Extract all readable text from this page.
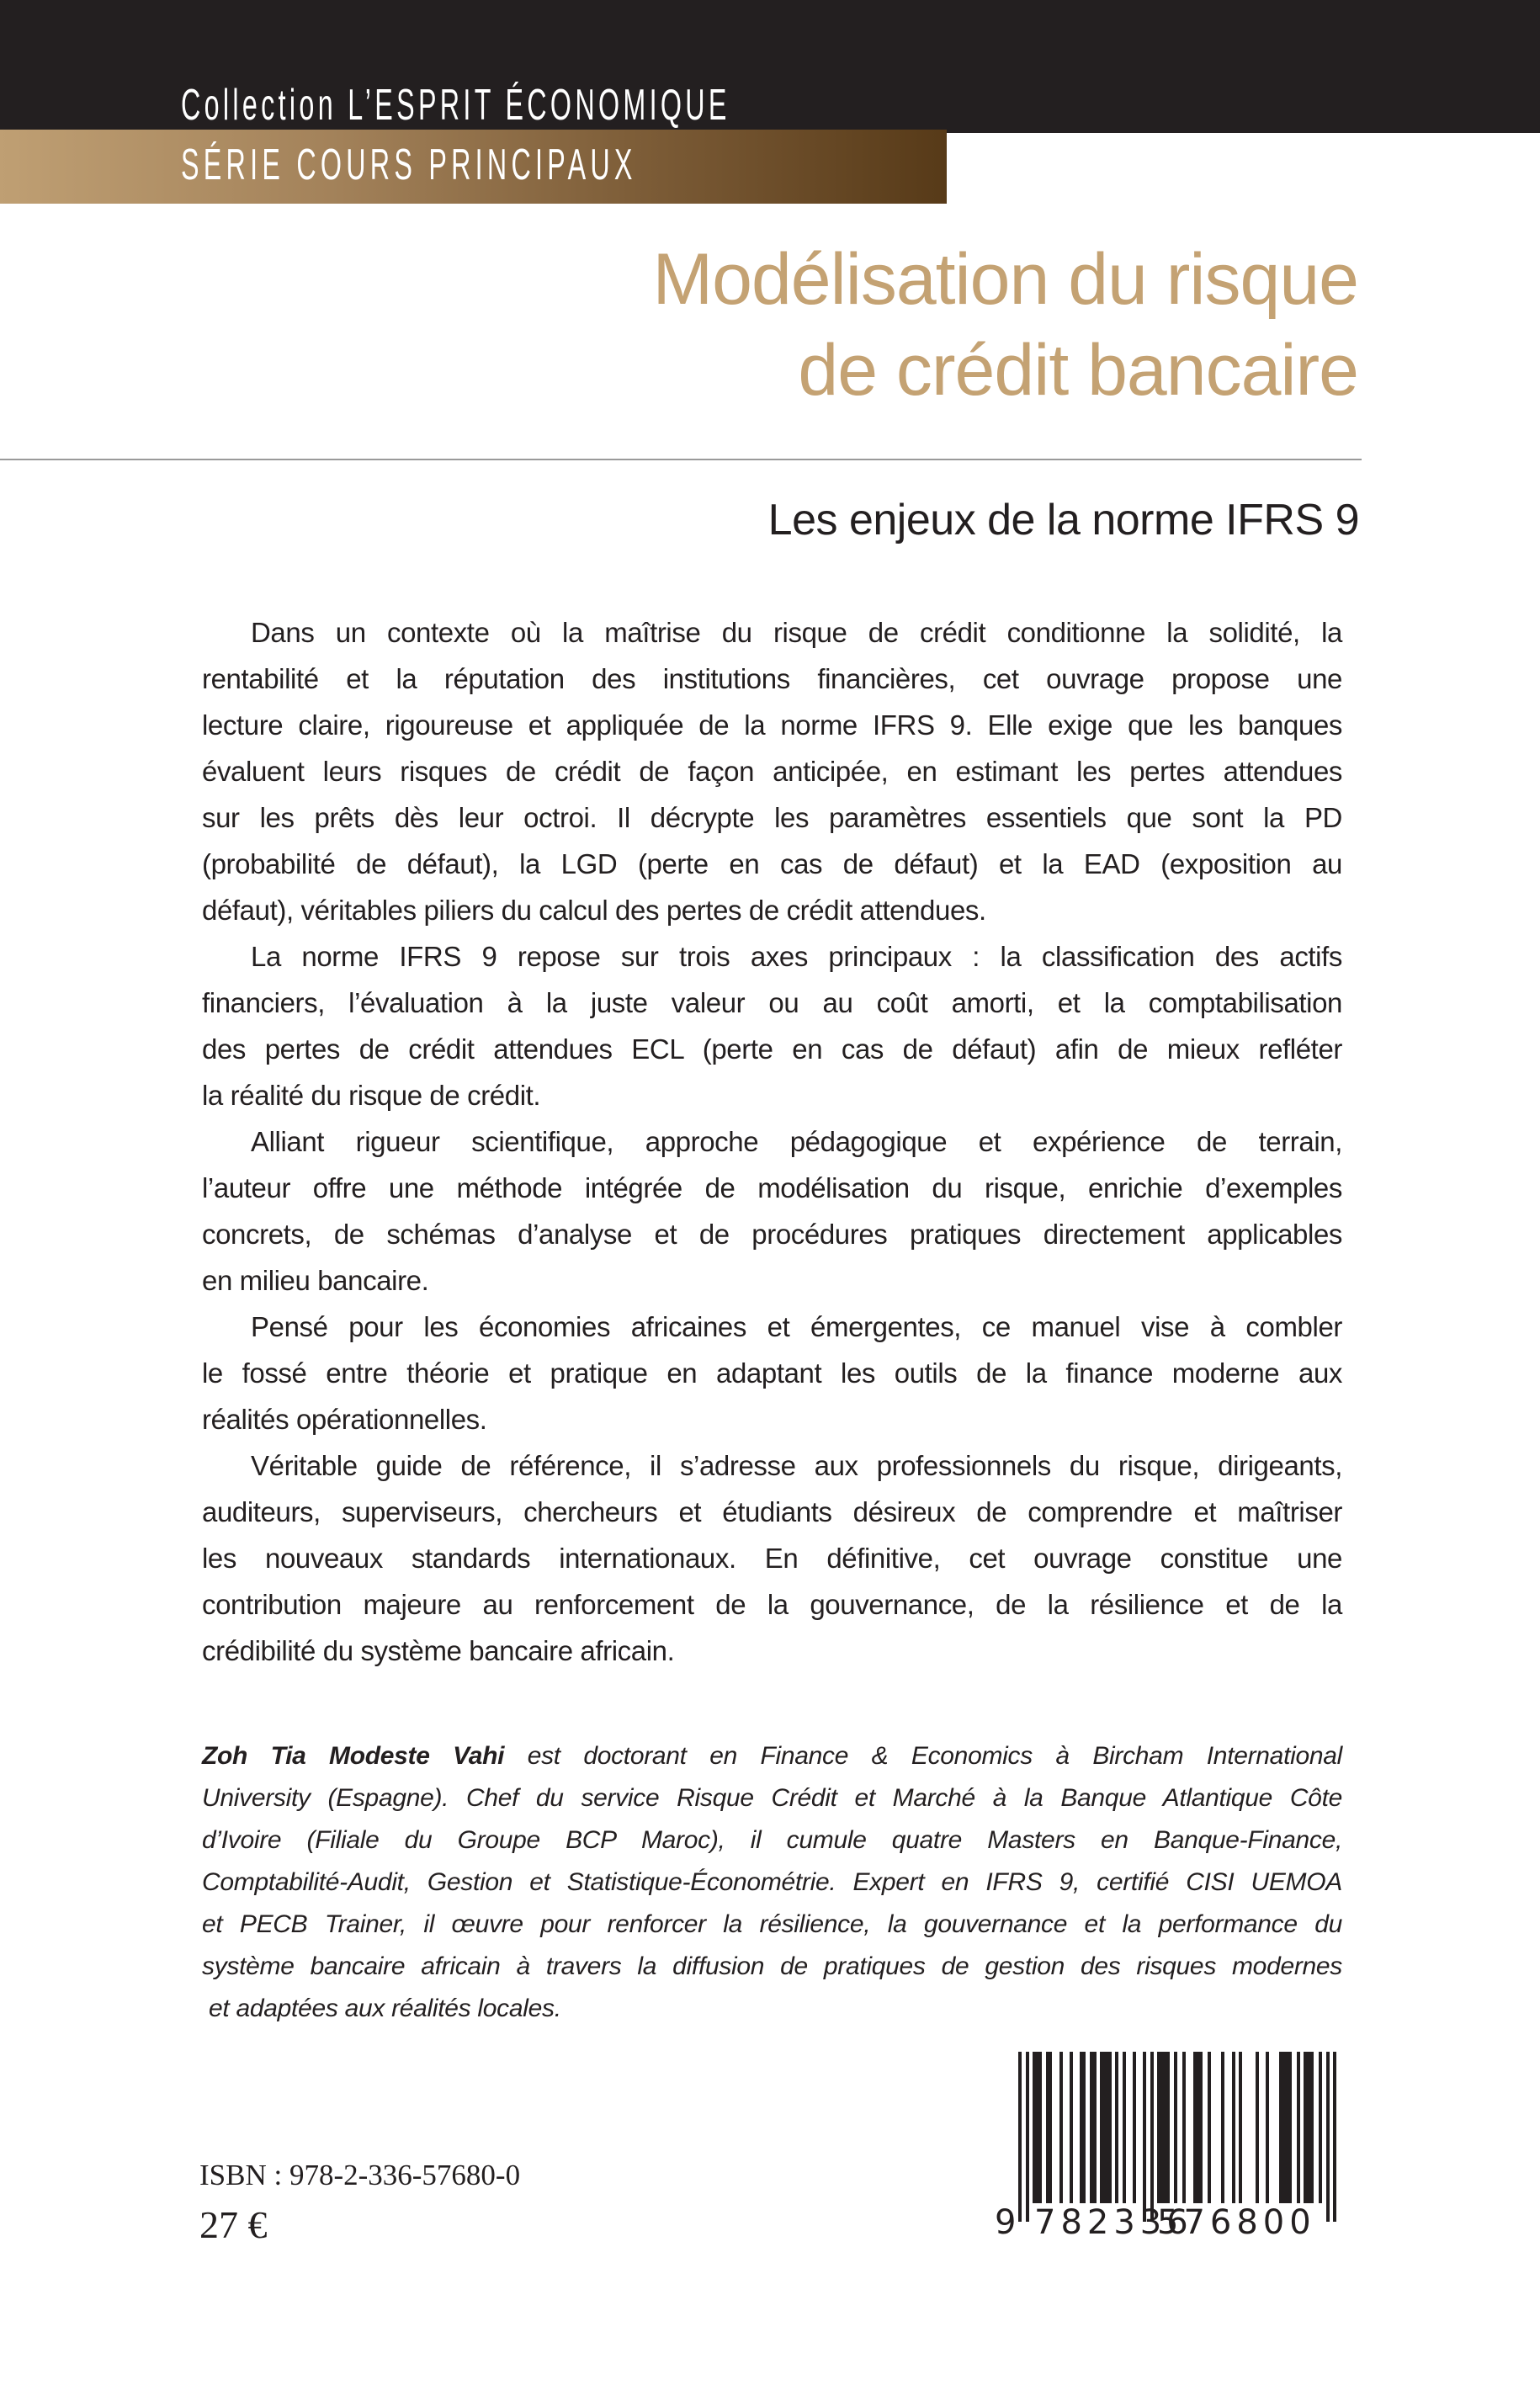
Collection L’ESPRIT ÉCONOMIQUE
SÉRIE COURS PRINCIPAUX
Modélisation du risque
de crédit bancaire
Les enjeux de la norme IFRS 9
Dans un contexte où la maîtrise du risque de crédit conditionne la solidité, la
rentabilité et la réputation des institutions financières, cet ouvrage propose une
lecture claire, rigoureuse et appliquée de la norme IFRS 9. Elle exige que les banques
évaluent leurs risques de crédit de façon anticipée, en estimant les pertes attendues
sur les prêts dès leur octroi. Il décrypte les paramètres essentiels que sont la PD
(probabilité de défaut), la LGD (perte en cas de défaut) et la EAD (exposition au
défaut), véritables piliers du calcul des pertes de crédit attendues.
La norme IFRS 9 repose sur trois axes principaux : la classification des actifs
financiers, l’évaluation à la juste valeur ou au coût amorti, et la comptabilisation
des pertes de crédit attendues ECL (perte en cas de défaut) afin de mieux refléter
la réalité du risque de crédit.
Alliant rigueur scientifique, approche pédagogique et expérience de terrain,
l’auteur offre une méthode intégrée de modélisation du risque, enrichie d’exemples
concrets, de schémas d’analyse et de procédures pratiques directement applicables
en milieu bancaire.
Pensé pour les économies africaines et émergentes, ce manuel vise à combler
le fossé entre théorie et pratique en adaptant les outils de la finance moderne aux
réalités opérationnelles.
Véritable guide de référence, il s’adresse aux professionnels du risque, dirigeants,
auditeurs, superviseurs, chercheurs et étudiants désireux de comprendre et maîtriser
les nouveaux standards internationaux. En définitive, cet ouvrage constitue une
contribution majeure au renforcement de la gouvernance, de la résilience et de la
crédibilité du système bancaire africain.
Zoh Tia Modeste Vahi est doctorant en Finance & Economics à Bircham International
University (Espagne). Chef du service Risque Crédit et Marché à la Banque Atlantique Côte
d’Ivoire (Filiale du Groupe BCP Maroc), il cumule quatre Masters en Banque-Finance,
Comptabilité-Audit, Gestion et Statistique-Économétrie. Expert en IFRS 9, certifié CISI UEMOA
et PECB Trainer, il œuvre pour renforcer la résilience, la gouvernance et la performance du
système bancaire africain à travers la diffusion de pratiques de gestion des risques modernes
et adaptées aux réalités locales.
ISBN : 978-2-336-57680-0
27 €	9 782336
576800
